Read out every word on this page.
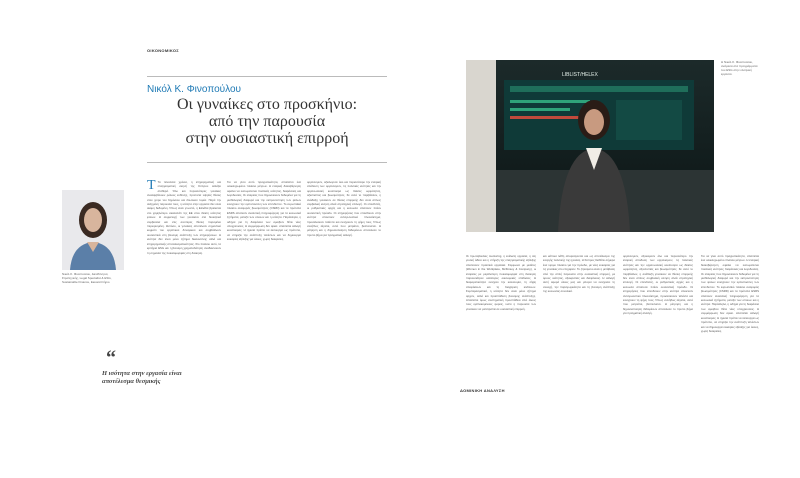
ΟΙΚΟΝΟΜΙΚΟΣ
Νικόλ Κ. Φινοπούλου
Οι γυναίκες στο προσκήνιο:
από την παρουσία
στην ουσιαστική επιρροή
Νικόλ Κ. Φινοπούλου, Διευθύντρια, Στρατηγικής, Legal Specialist & ESG, Sustainable Finance, Εκκολαπτήριο
“
Η ισότητα στην εργασία είναι αποτέλεσμα θεσμικής
T Τα τελευταία χρόνια, η επιχειρηματική και επαγγελματική σκηνή της Κύπρου αλλάζει σταθερά. Όλο και περισσότερες γυναίκες αναλαμβάνουν ρόλους ευθύνης, πρώτιστα υψηλές θέσεις στον χώρο του δημόσιου και ιδιωτικού τομέα. Παρά την αυξημένη παρουσία τους, η ισότητα στην εργασία δεν είναι ακόμη δεδομένη. Όπως είναι γνωστό, η Ελλάδα βρίσκεται στο χαμηλότερο σκαλοπάτι της ΕΕ στον δείκτη ισότητας φύλων. Η συμμετοχή των γυναικών στα διοικητικά συμβούλια και στις ανώτερες θέσεις παραμένει περιορισμένη. Ωστόσο, οι γυναίκες αποτελούν σημαντικό κομμάτι του εργατικού δυναμικού και συμβάλλουν ουσιαστικά στη βιώσιμη ανάπτυξη των επιχειρήσεων. Η ισότητα δεν είναι μόνο ζήτημα δικαιοσύνης αλλά και επιχειρηματικής αποτελεσματικότητας. Στο πλαίσιο αυτό, τα κριτήρια ESG και η βιώσιμη χρηματοδότηση αναδεικνύουν τη σημασία της ποικιλομορφίας στη διοίκηση.
Για να γίνει αυτό πραγματικότητα, απαιτείται ένα ολοκληρωμένο πλαίσιο μέτρων. Η εταιρική διακυβέρνηση οφείλει να ενσωματώνει πολιτικές ισότητας, διαφάνειας και λογοδοσίας. Οι εταιρείες που δημοσιεύουν δεδομένα για τη μισθολογική διαφορά και την εκπροσώπηση των φύλων ενισχύουν την εμπιστοσύνη των επενδυτών. Το ευρωπαϊκό πλαίσιο αναφοράς βιωσιμότητας (CSRD) και τα πρότυπα ESRS απαιτούν αναλυτική πληροφόρηση για τα κοινωνικά ζητήματα, μεταξύ των οποίων και η ισότητα. Παράλληλα, η οδηγία για τη διαφάνεια των αμοιβών θέτει νέες υποχρεώσεις. Η συμμόρφωση δεν αρκεί· απαιτείται αλλαγή κουλτούρας. Η ηγεσία πρέπει να λειτουργεί ως πρότυπο, να στηρίζει την ανάπτυξη ταλέντων και να δημιουργεί ευκαιρίες εξέλιξης για όλους, χωρίς διακρίσεις.
οργανισμών, αξιολογούν όλο και περισσότερο την εταιρική απόδοση των οργανισμών, τις πολιτικές ισότητας και την οργανωσιακή κουλτούρα ως δείκτες ωριμότητας, αξιοπιστίας και βιωσιμότητας. Σε αυτό το περιβάλλον, η ανάδειξη γυναικών σε θέσεις επιρροής δεν είναι απλώς συμβολική κίνηση αλλά στρατηγική επιλογή. Οι επενδυτές, οι ρυθμιστικές αρχές και η κοινωνία απαιτούν πλέον ουσιαστική πρόοδο. Οι επιχειρήσεις που επενδύουν στην ισότητα αποκτούν ανταγωνιστικό πλεονέκτημα, προσελκύουν ταλέντα και ενισχύουν τη φήμη τους. Όπως συνήθως λέγεται, αυτό που μετριέται, βελτιώνεται. Η μέτρηση και η δημοσιοποίηση δεδομένων αποτελούν το πρώτο βήμα για πραγματική αλλαγή.
LIBLIST/HELEX
Η Νικόλ Κ. Φινοπούλου, ανάμεσα στα προγράμματα του ESG στην ελληνική εργασία.
Οι πρωτοβουλίες mentoring, η ευέλικτη εργασία, η ίση γονική άδεια και η στήριξη της επαγγελματικής εξέλιξης αποτελούν πρακτικά εργαλεία. Σύμφωνα με μελέτες (Women in the Workplace, McKinsey & Company), οι εταιρείες με μεγαλύτερη ποικιλομορφία στη διοίκηση παρουσιάζουν καλύτερες οικονομικές επιδόσεις. Η διαφορετικότητα ενισχύει την καινοτομία, τη λήψη αποφάσεων και τη διαχείριση κινδύνων. Συμπερασματικά, η ισότητα δεν είναι μόνο ζήτημα αρχών, αλλά και προϋπόθεση βιώσιμης ανάπτυξης. Απαιτείται όμως συστηματική προσπάθεια από όλους τους εμπλεκόμενους φορείς, ώστε η παρουσία των γυναικών να μετατραπεί σε ουσιαστική επιρροή.
και κάποια λάθη αποφεύγονται και ως αποτέλεσμα της ενεργής πολιτικής της ηγεσίας. Η Κύπρος διαθέτει σήμερα ένα ώριμο πλαίσιο για την πρόοδο, με νέες ευκαιρίες για τις γυναίκες στο επιχειρείν. Το ζητούμενο είναι η μετάβαση από την απλή παρουσία στην ουσιαστική επιρροή, με όρους ισότητας, αξιοκρατίας και διαφάνειας. Η αλλαγή αυτή αφορά όλους μας και μπορεί να ενισχύσει τη συνοχή, την παραγωγικότητα και τη βιώσιμη ανάπτυξη της κοινωνίας συνολικά.
οργανισμών, αξιολογούν όλο και περισσότερο την εταιρική απόδοση των οργανισμών, τις πολιτικές ισότητας και την οργανωσιακή κουλτούρα ως δείκτες ωριμότητας, αξιοπιστίας και βιωσιμότητας. Σε αυτό το περιβάλλον, η ανάδειξη γυναικών σε θέσεις επιρροής δεν είναι απλώς συμβολική κίνηση αλλά στρατηγική επιλογή. Οι επενδυτές, οι ρυθμιστικές αρχές και η κοινωνία απαιτούν πλέον ουσιαστική πρόοδο. Οι επιχειρήσεις που επενδύουν στην ισότητα αποκτούν ανταγωνιστικό πλεονέκτημα, προσελκύουν ταλέντα και ενισχύουν τη φήμη τους. Όπως συνήθως λέγεται, αυτό που μετριέται, βελτιώνεται. Η μέτρηση και η δημοσιοποίηση δεδομένων αποτελούν το πρώτο βήμα για πραγματική αλλαγή.
Για να γίνει αυτό πραγματικότητα, απαιτείται ένα ολοκληρωμένο πλαίσιο μέτρων. Η εταιρική διακυβέρνηση οφείλει να ενσωματώνει πολιτικές ισότητας, διαφάνειας και λογοδοσίας. Οι εταιρείες που δημοσιεύουν δεδομένα για τη μισθολογική διαφορά και την εκπροσώπηση των φύλων ενισχύουν την εμπιστοσύνη των επενδυτών. Το ευρωπαϊκό πλαίσιο αναφοράς βιωσιμότητας (CSRD) και τα πρότυπα ESRS απαιτούν αναλυτική πληροφόρηση για τα κοινωνικά ζητήματα, μεταξύ των οποίων και η ισότητα. Παράλληλα, η οδηγία για τη διαφάνεια των αμοιβών θέτει νέες υποχρεώσεις. Η συμμόρφωση δεν αρκεί· απαιτείται αλλαγή κουλτούρας. Η ηγεσία πρέπει να λειτουργεί ως πρότυπο, να στηρίζει την ανάπτυξη ταλέντων και να δημιουργεί ευκαιρίες εξέλιξης για όλους, χωρίς διακρίσεις.
ΔΟΜΙΝΙΚΗ ΑΝΑΛΥΣΗ
